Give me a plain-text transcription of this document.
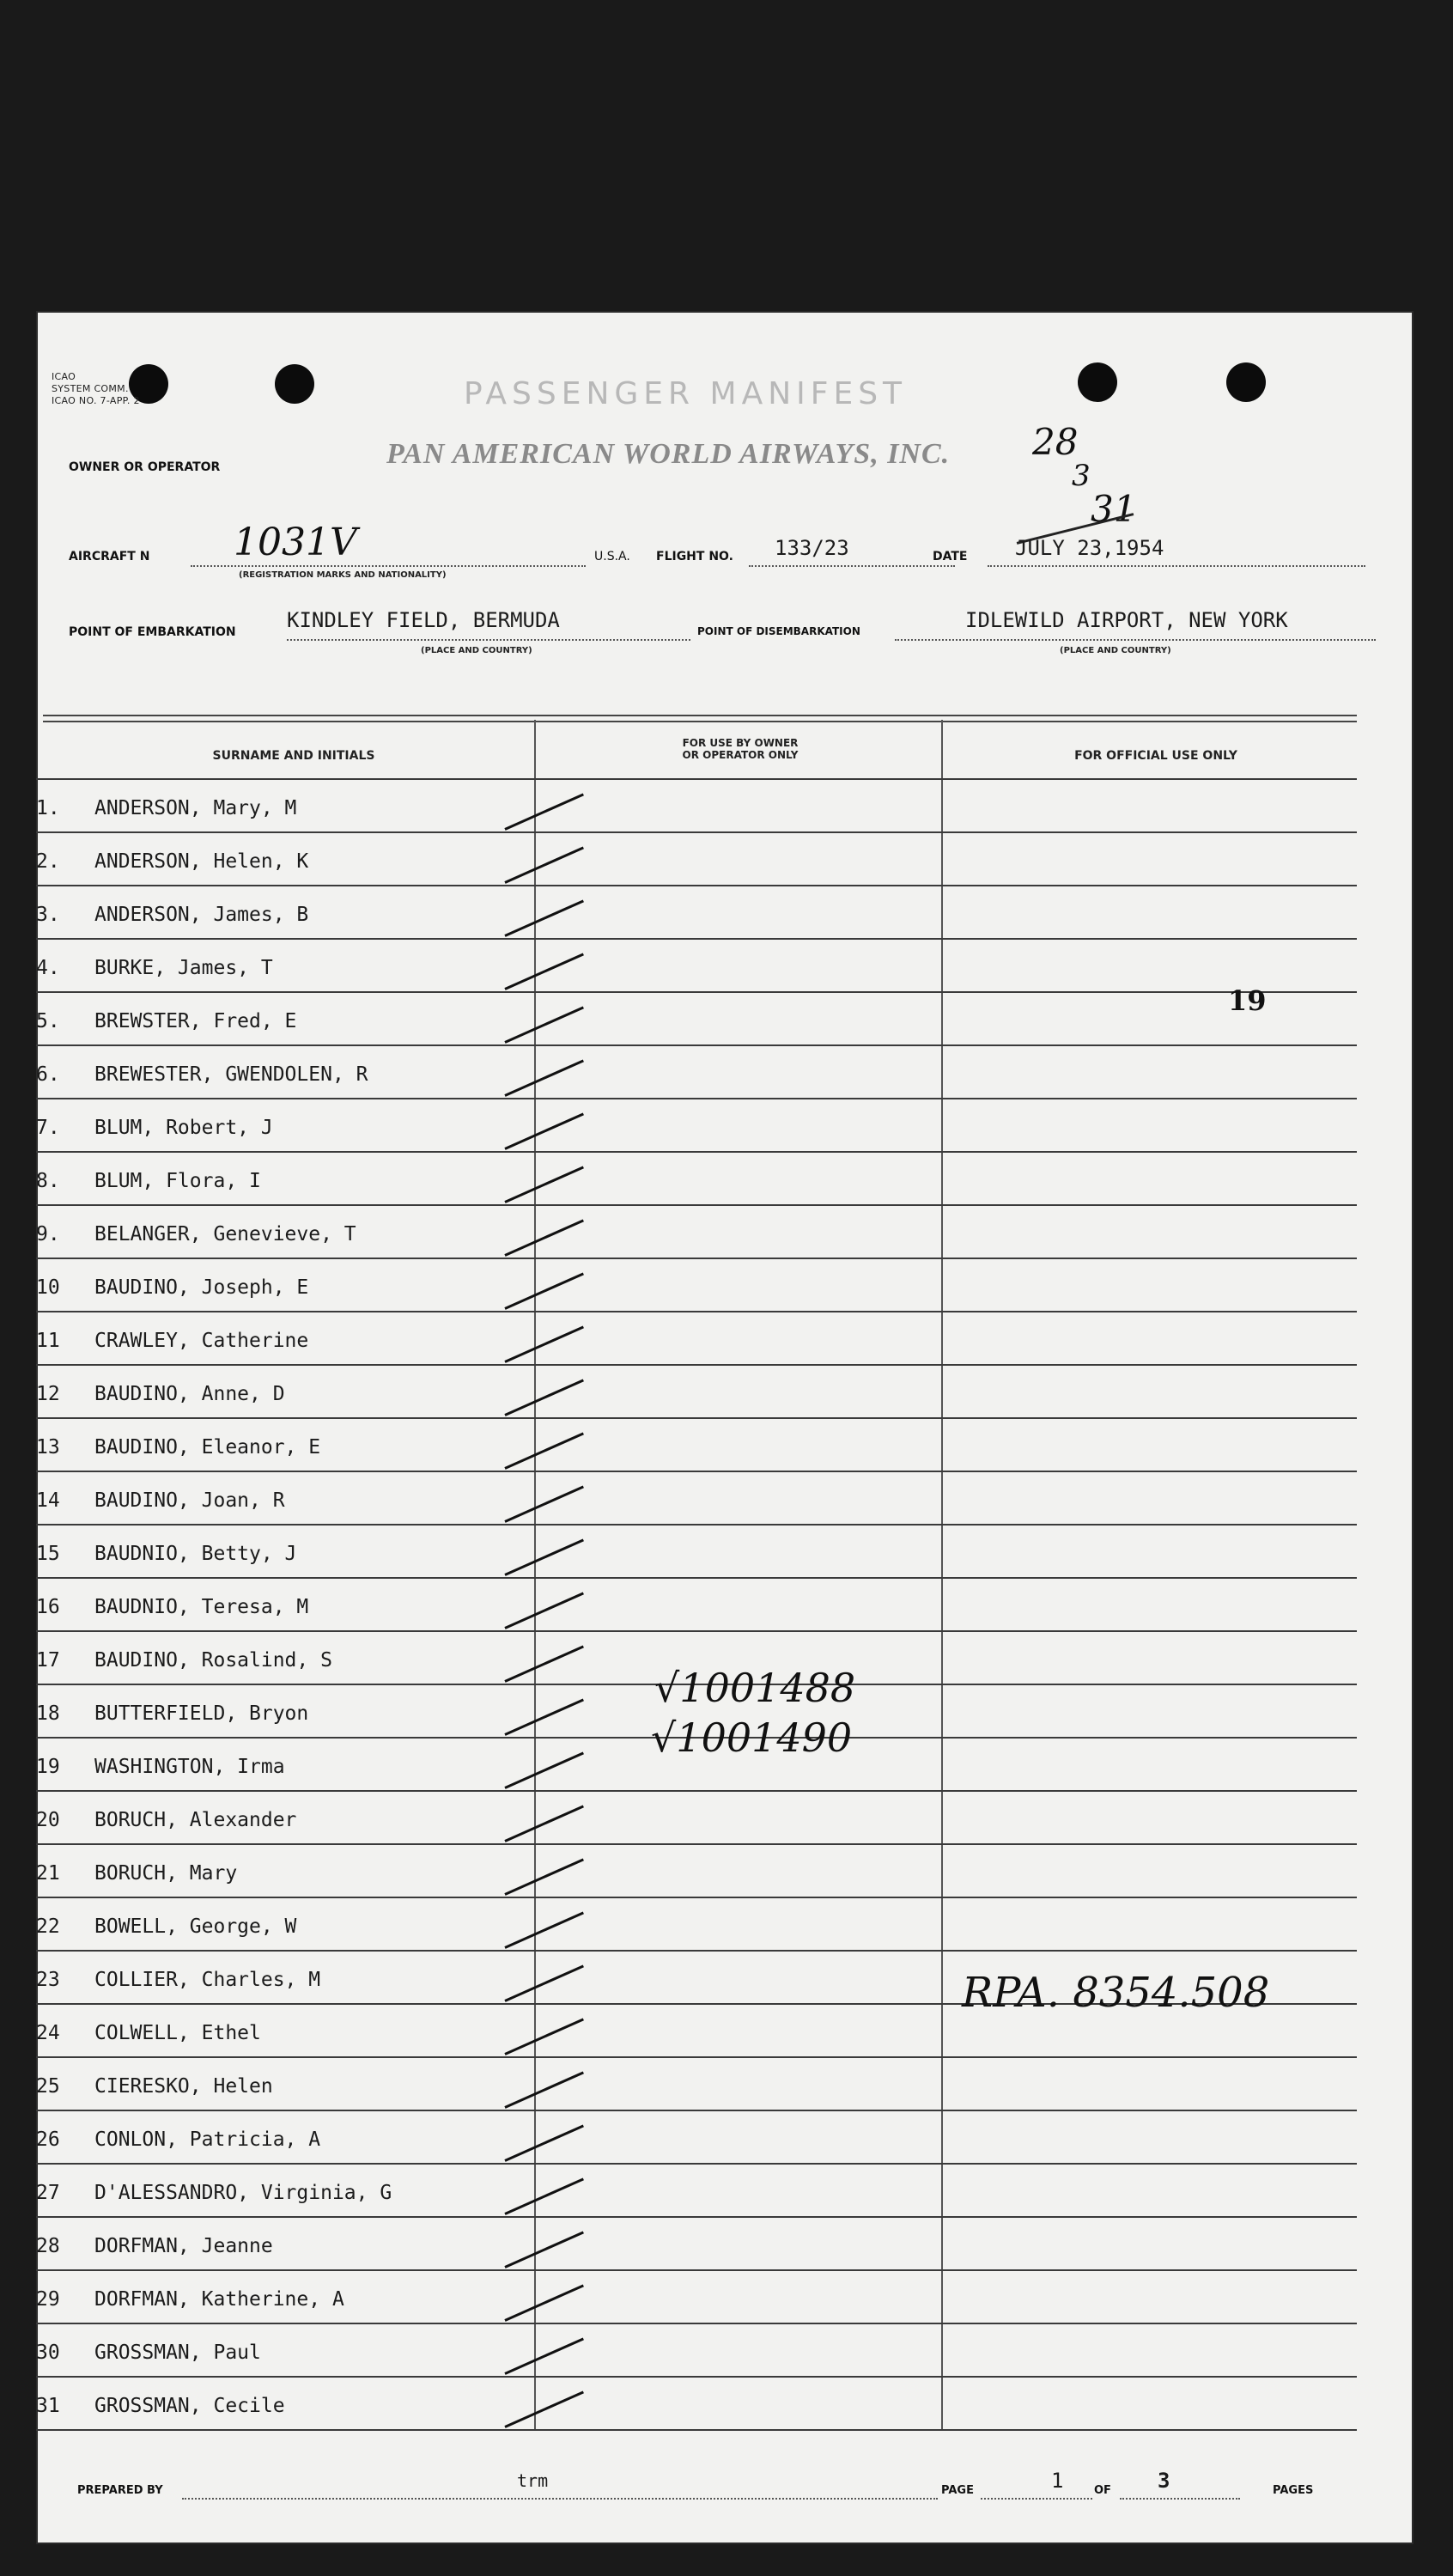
ICAO
SYSTEM COMM.
ICAO NO. 7-APP. 2	PASSENGER MANIFEST
PAN AMERICAN WORLD AIRWAYS, INC.
OWNER OR OPERATOR
28
3
31
AIRCRAFT N 1031V
(REGISTRATION MARKS AND NATIONALITY)
U.S.A. FLIGHT NO. 133/23	DATE JULY 23,1954
POINT OF EMBARKATION KINDLEY FIELD, BERMUDA
(PLACE AND COUNTRY)
POINT OF DISEMBARKATION	IDLEWILD AIRPORT, NEW YORK
(PLACE AND COUNTRY)
SURNAME AND INITIALS
FOR USE BY OWNER
OR OPERATOR ONLY	FOR OFFICIAL USE ONLY
1. ANDERSON, Mary, M
2. ANDERSON, Helen, K
3. ANDERSON, James, B
4. BURKE, James, T
5. BREWSTER, Fred, E
6. BREWESTER, GWENDOLEN, R
7. BLUM, Robert, J
8. BLUM, Flora, I
9. BELANGER, Genevieve, T
10 BAUDINO, Joseph, E
11 CRAWLEY, Catherine
12 BAUDINO, Anne, D
13 BAUDINO, Eleanor, E
14 BAUDINO, Joan, R
15 BAUDNIO, Betty, J
16 BAUDNIO, Teresa, M
17 BAUDINO, Rosalind, S
18 BUTTERFIELD, Bryon
19 WASHINGTON, Irma
20 BORUCH, Alexander
21 BORUCH, Mary
22 BOWELL, George, W
23 COLLIER, Charles, M
24 COLWELL, Ethel
25 CIERESKO, Helen
26 CONLON, Patricia, A
27 D'ALESSANDRO, Virginia, G
28 DORFMAN, Jeanne
29 DORFMAN, Katherine, A
30 GROSSMAN, Paul
31 GROSSMAN, Cecile
19
√1001488
√1001490
RPA. 8354.508
PREPARED BY	trm	PAGE	1	OF 3	PAGES
